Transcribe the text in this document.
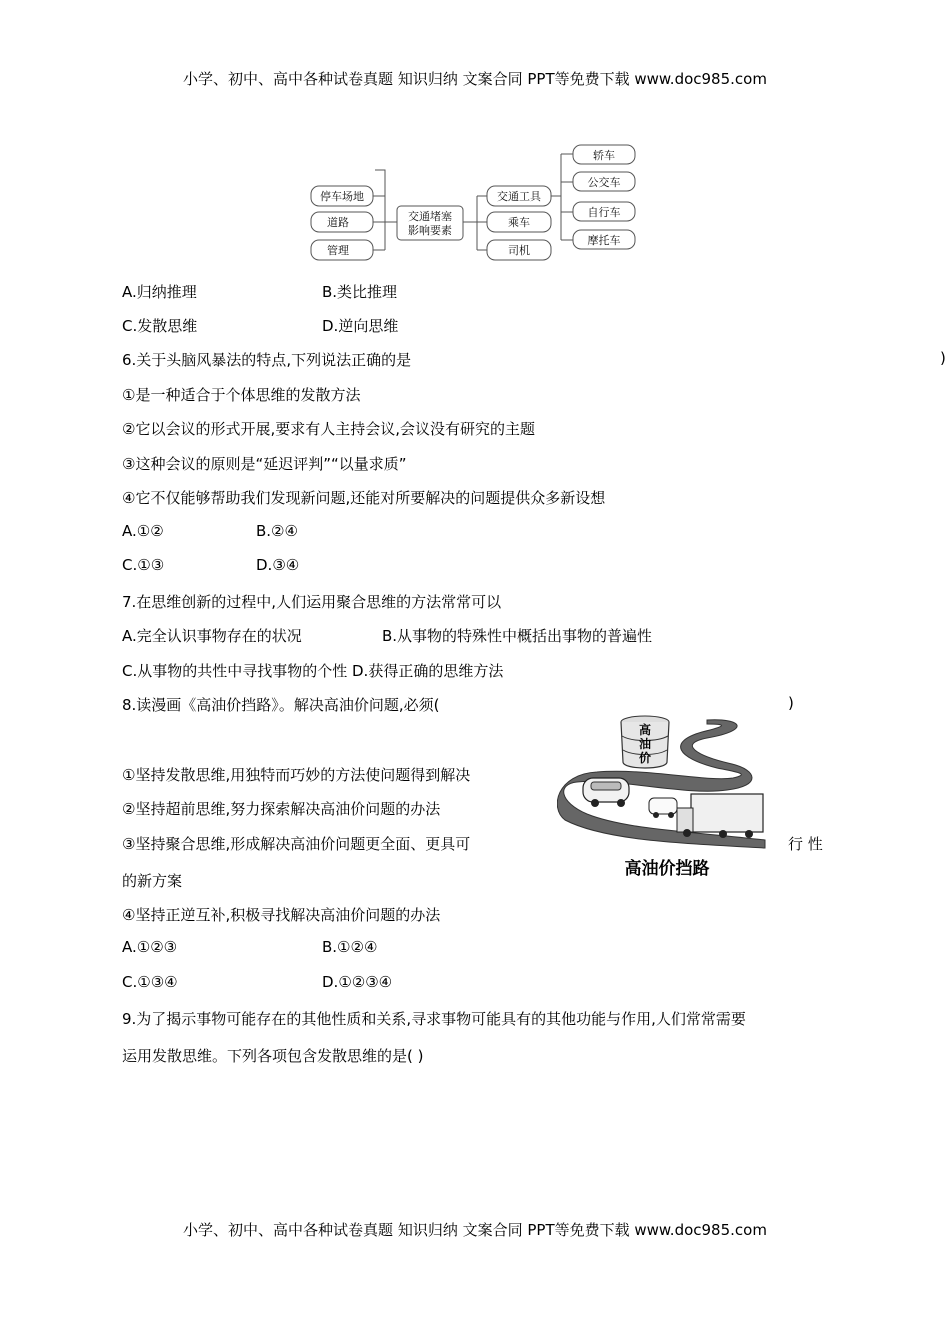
小学、初中、高中各种试卷真题 知识归纳 文案合同 PPT等免费下载 www.doc985.com
停车场地
道路
管理
交通堵塞
影响要素
交通工具
乘车
司机
轿车
公交车
自行车
摩托车
A.归纳推理	B.类比推理
C.发散思维	D.逆向思维
6.关于头脑风暴法的特点,下列说法正确的是	)
①是一种适合于个体思维的发散方法
②它以会议的形式开展,要求有人主持会议,会议没有研究的主题
③这种会议的原则是“延迟评判”“以量求质”
④它不仅能够帮助我们发现新问题,还能对所要解决的问题提供众多新设想
A.①②	B.②④
C.①③	D.③④
7.在思维创新的过程中,人们运用聚合思维的方法常常可以
A.完全认识事物存在的状况	B.从事物的特殊性中概括出事物的普遍性
C.从事物的共性中寻找事物的个性 D.获得正确的思维方法
8.读漫画《高油价挡路》。解决高油价问题,必须(	)
高
油
价
高油价挡路
①坚持发散思维,用独特而巧妙的方法使问题得到解决
②坚持超前思维,努力探索解决高油价问题的办法
③坚持聚合思维,形成解决高油价问题更全面、更具可	行 性
的新方案
④坚持正逆互补,积极寻找解决高油价问题的办法
A.①②③	B.①②④
C.①③④	D.①②③④
9.为了揭示事物可能存在的其他性质和关系,寻求事物可能具有的其他功能与作用,人们常常需要
运用发散思维。下列各项包含发散思维的是( )
小学、初中、高中各种试卷真题 知识归纳 文案合同 PPT等免费下载 www.doc985.com
